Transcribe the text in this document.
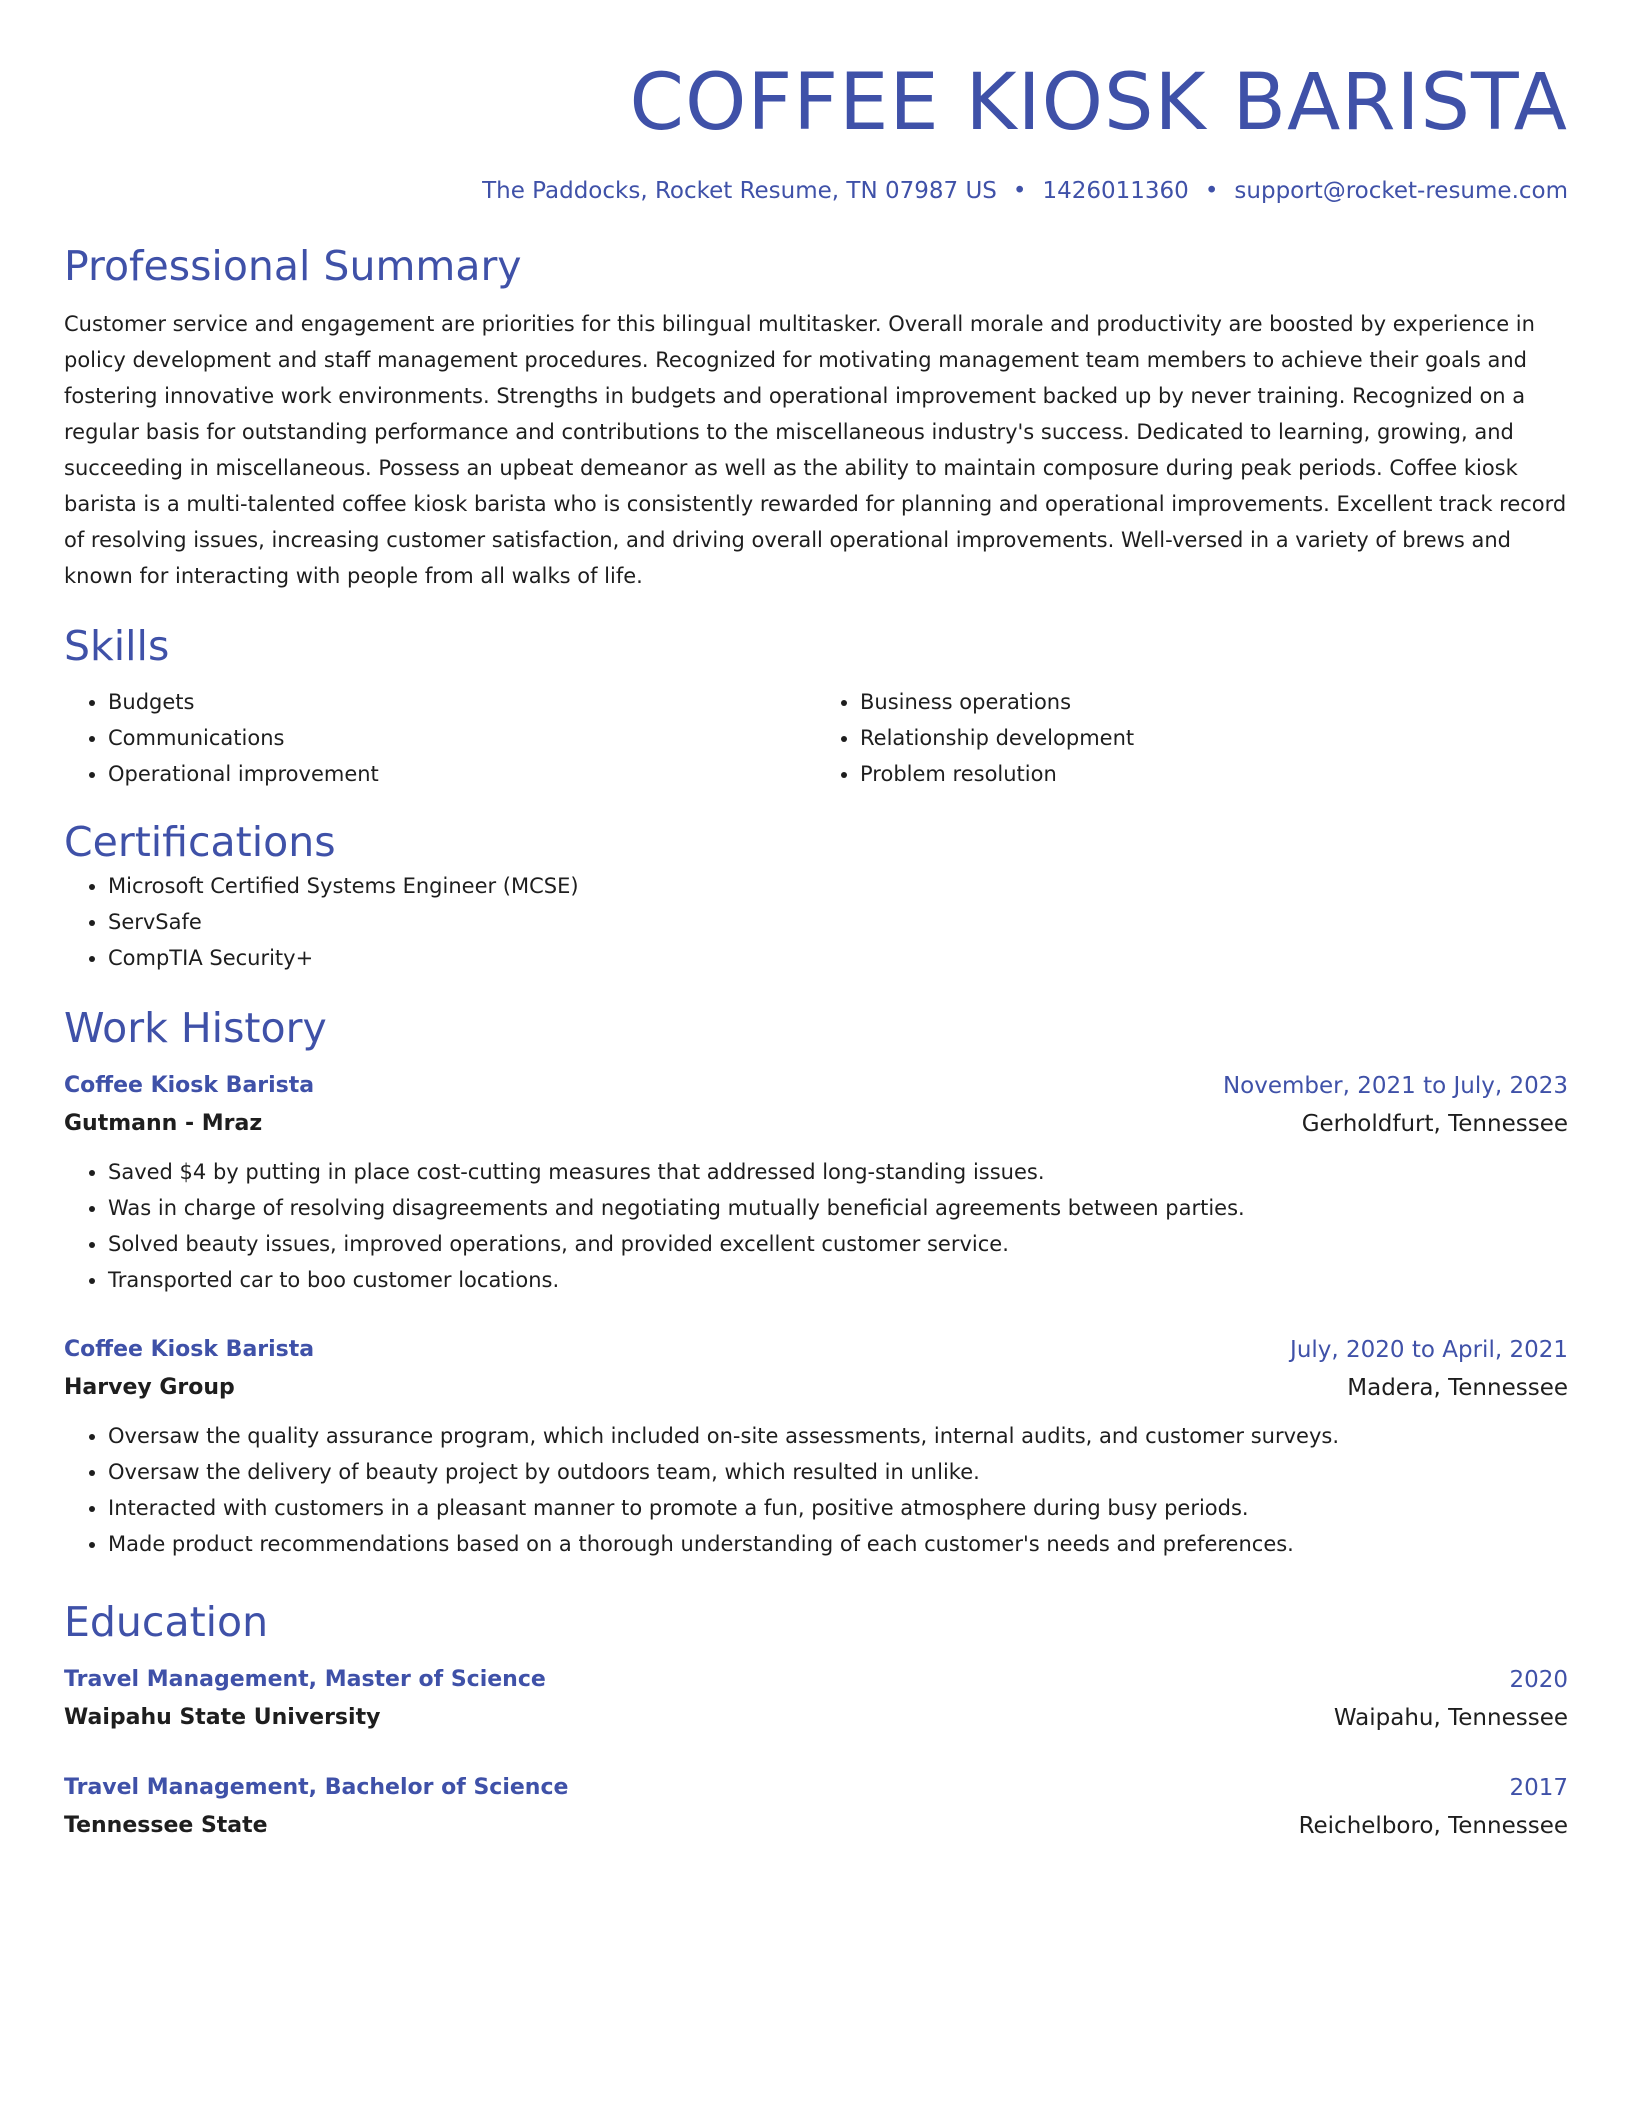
COFFEE KIOSK BARISTA
The Paddocks, Rocket Resume, TN 07987 US • 1426011360 • support@rocket-resume.com
Professional Summary

Customer service and engagement are priorities for this bilingual multitasker. Overall morale and productivity are boosted by experience in policy development and staff management procedures. Recognized for motivating management team members to achieve their goals and fostering innovative work environments. Strengths in budgets and operational improvement backed up by never training. Recognized on a regular basis for outstanding performance and contributions to the miscellaneous industry's success. Dedicated to learning, growing, and succeeding in miscellaneous. Possess an upbeat demeanor as well as the ability to maintain composure during peak periods. Coffee kiosk barista is a multi-talented coffee kiosk barista who is consistently rewarded for planning and operational improvements. Excellent track record of resolving issues, increasing customer satisfaction, and driving overall operational improvements. Well-versed in a variety of brews and known for interacting with people from all walks of life.

Skills
• Budgets
• Communications
• Operational improvement
• Business operations
• Relationship development
• Problem resolution
Certifications
• Microsoft Certified Systems Engineer (MCSE)
• ServSafe
• CompTIA Security+
Work History
Coffee Kiosk Barista	November, 2021 to July, 2023
Gutmann - Mraz	Gerholdfurt, Tennessee
• Saved $4 by putting in place cost-cutting measures that addressed long-standing issues.
• Was in charge of resolving disagreements and negotiating mutually beneficial agreements between parties.
• Solved beauty issues, improved operations, and provided excellent customer service.
• Transported car to boo customer locations.
Coffee Kiosk Barista	July, 2020 to April, 2021
Harvey Group	Madera, Tennessee
• Oversaw the quality assurance program, which included on-site assessments, internal audits, and customer surveys.
• Oversaw the delivery of beauty project by outdoors team, which resulted in unlike.
• Interacted with customers in a pleasant manner to promote a fun, positive atmosphere during busy periods.
• Made product recommendations based on a thorough understanding of each customer's needs and preferences.
Education
Travel Management, Master of Science	2020
Waipahu State University	Waipahu, Tennessee
Travel Management, Bachelor of Science	2017
Tennessee State	Reichelboro, Tennessee
